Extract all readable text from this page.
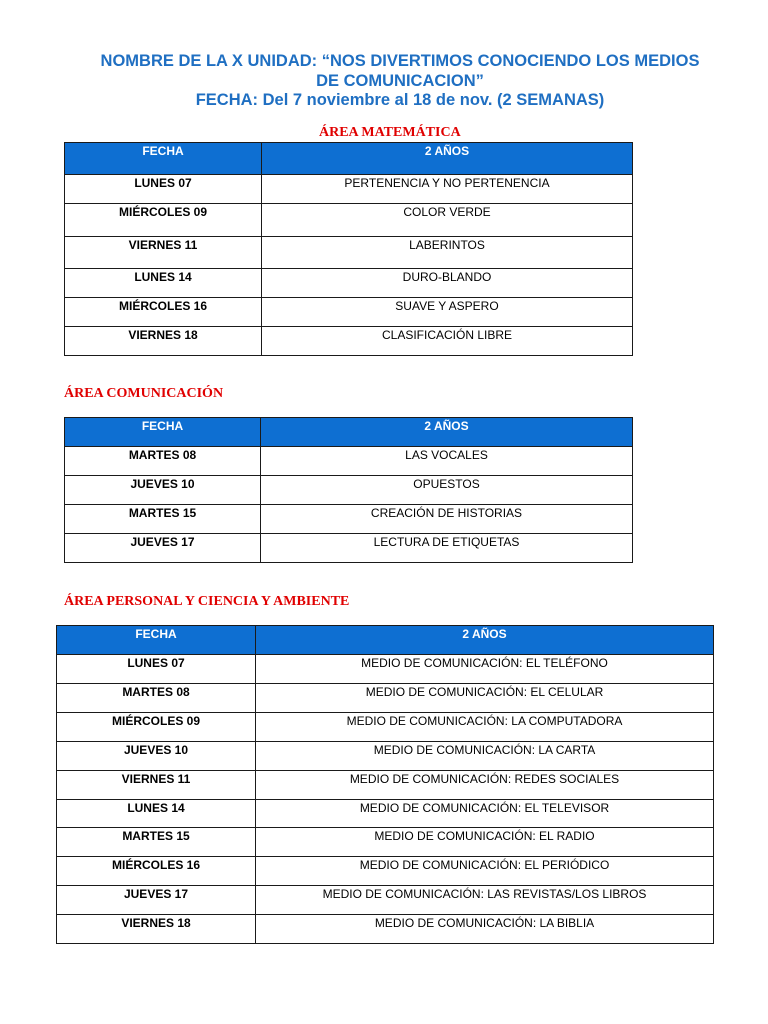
NOMBRE DE LA X UNIDAD: “NOS DIVERTIMOS CONOCIENDO LOS MEDIOS
DE COMUNICACION”
FECHA: Del 7 noviembre al 18 de nov. (2 SEMANAS)
ÁREA MATEMÁTICA
FECHA	2 AÑOS
LUNES 07	PERTENENCIA Y NO PERTENENCIA
MIÉRCOLES 09	COLOR VERDE
VIERNES 11	LABERINTOS
LUNES 14	DURO-BLANDO
MIÉRCOLES 16	SUAVE Y ASPERO
VIERNES 18	CLASIFICACIÓN LIBRE
ÁREA COMUNICACIÓN
FECHA	2 AÑOS
MARTES 08	LAS VOCALES
JUEVES 10	OPUESTOS
MARTES 15	CREACIÓN DE HISTORIAS
JUEVES 17	LECTURA DE ETIQUETAS
ÁREA PERSONAL Y CIENCIA Y AMBIENTE
FECHA	2 AÑOS
LUNES 07	MEDIO DE COMUNICACIÓN: EL TELÉFONO
MARTES 08	MEDIO DE COMUNICACIÓN: EL CELULAR
MIÉRCOLES 09	MEDIO DE COMUNICACIÓN: LA COMPUTADORA
JUEVES 10	MEDIO DE COMUNICACIÓN: LA CARTA
VIERNES 11	MEDIO DE COMUNICACIÓN: REDES SOCIALES
LUNES 14	MEDIO DE COMUNICACIÓN: EL TELEVISOR
MARTES 15	MEDIO DE COMUNICACIÓN: EL RADIO
MIÉRCOLES 16	MEDIO DE COMUNICACIÓN: EL PERIÓDICO
JUEVES 17	MEDIO DE COMUNICACIÓN: LAS REVISTAS/LOS LIBROS
VIERNES 18	MEDIO DE COMUNICACIÓN: LA BIBLIA
